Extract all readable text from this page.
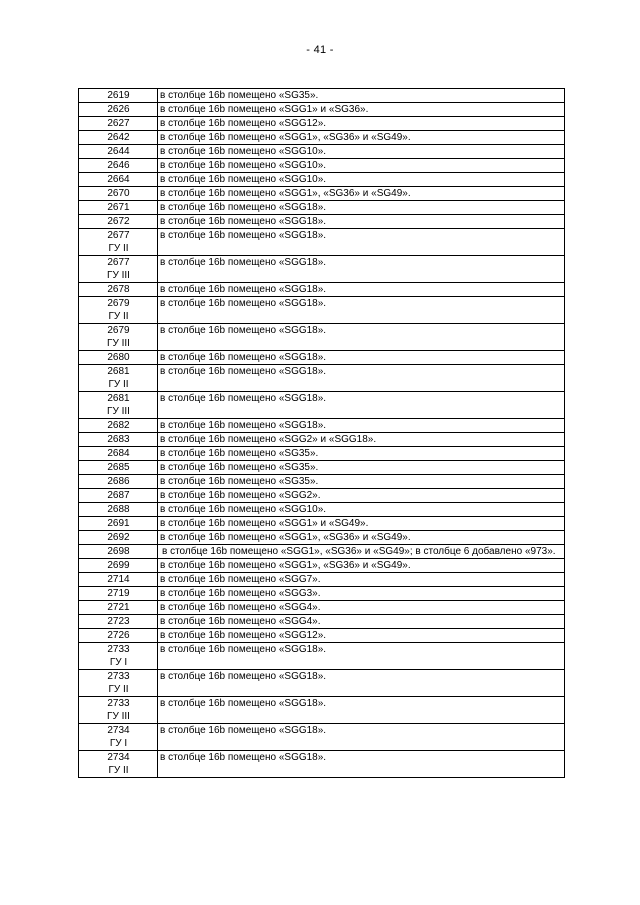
- 41 -
2619	в столбце 16b помещено «SG35».

2626	в столбце 16b помещено «SGG1» и «SG36».

2627	в столбце 16b помещено «SGG12».

2642	в столбце 16b помещено «SGG1», «SG36» и «SG49».

2644	в столбце 16b помещено «SGG10».

2646	в столбце 16b помещено «SGG10».

2664	в столбце 16b помещено «SGG10».

2670	в столбце 16b помещено «SGG1», «SG36» и «SG49».

2671	в столбце 16b помещено «SGG18».

2672	в столбце 16b помещено «SGG18».

2677
ГУ II	в столбце 16b помещено «SGG18».

2677
ГУ III	в столбце 16b помещено «SGG18».

2678	в столбце 16b помещено «SGG18».

2679
ГУ II	в столбце 16b помещено «SGG18».

2679
ГУ III	в столбце 16b помещено «SGG18».

2680	в столбце 16b помещено «SGG18».

2681
ГУ II	в столбце 16b помещено «SGG18».

2681
ГУ III	в столбце 16b помещено «SGG18».

2682	в столбце 16b помещено «SGG18».

2683	в столбце 16b помещено «SGG2» и «SGG18».

2684	в столбце 16b помещено «SG35».

2685	в столбце 16b помещено «SG35».

2686	в столбце 16b помещено «SG35».

2687	в столбце 16b помещено «SGG2».

2688	в столбце 16b помещено «SGG10».

2691	в столбце 16b помещено «SGG1» и «SG49».

2692	в столбце 16b помещено «SGG1», «SG36» и «SG49».

2698	в столбце 16b помещено «SGG1», «SG36» и «SG49»; в столбце 6 добавлено «973».

2699	в столбце 16b помещено «SGG1», «SG36» и «SG49».

2714	в столбце 16b помещено «SGG7».

2719	в столбце 16b помещено «SGG3».

2721	в столбце 16b помещено «SGG4».

2723	в столбце 16b помещено «SGG4».

2726	в столбце 16b помещено «SGG12».

2733
ГУ I	в столбце 16b помещено «SGG18».

2733
ГУ II	в столбце 16b помещено «SGG18».

2733
ГУ III	в столбце 16b помещено «SGG18».

2734
ГУ I	в столбце 16b помещено «SGG18».

2734
ГУ II	в столбце 16b помещено «SGG18».
